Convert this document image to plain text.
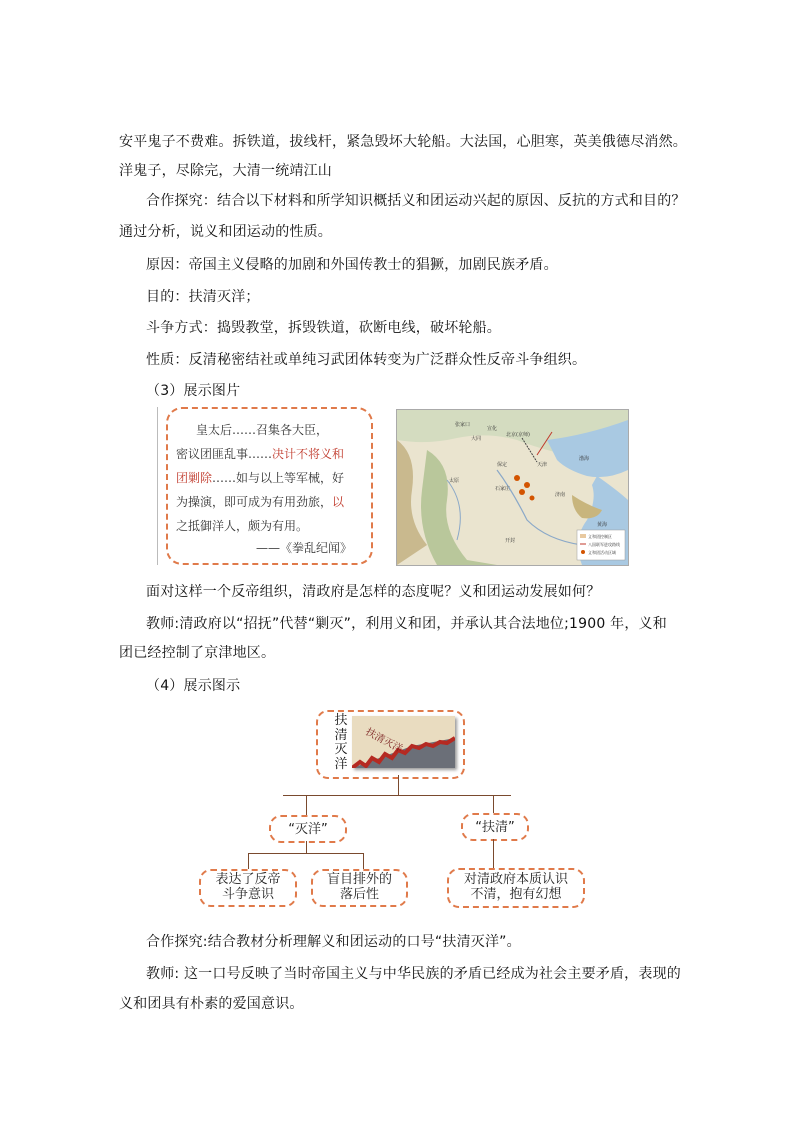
安平鬼子不费难。拆铁道，拔线杆，紧急毁坏大轮船。大法国，心胆寒，英美俄德尽消然。
洋鬼子，尽除完，大清一统靖江山
合作探究：结合以下材料和所学知识概括义和团运动兴起的原因、反抗的方式和目的？
通过分析，说义和团运动的性质。
原因：帝国主义侵略的加剧和外国传教士的猖獗，加剧民族矛盾。
目的：扶清灭洋；
斗争方式：捣毁教堂，拆毁铁道，砍断电线，破坏轮船。
性质：反清秘密结社或单纯习武团体转变为广泛群众性反帝斗争组织。
（3）展示图片
皇太后……召集各大臣，
密议团匪乱事……决计不将义和
团剿除……如与以上等军械，好
为操演，即可成为有用劲旅，以
之抵御洋人，颇为有用。
——《拳乱纪闻》
张家口
大同
宣化
北京(京师)
天津
保定
太原
石家庄
济南
开封
渤海
黄海
义和团控制区
八国联军进攻路线
义和团活动区域
面对这样一个反帝组织，清政府是怎样的态度呢？义和团运动发展如何？
教师:清政府以“招抚”代替“剿灭”，利用义和团，并承认其合法地位;1900 年，义和
团已经控制了京津地区。
（4）展示图示
扶
清
灭
洋
扶清灭洋
“灭洋”	“扶清”
表达了反帝
斗争意识
盲目排外的
落后性
对清政府本质认识
不清，抱有幻想
合作探究:结合教材分析理解义和团运动的口号“扶清灭洋”。
教师: 这一口号反映了当时帝国主义与中华民族的矛盾已经成为社会主要矛盾，表现的
义和团具有朴素的爱国意识。
